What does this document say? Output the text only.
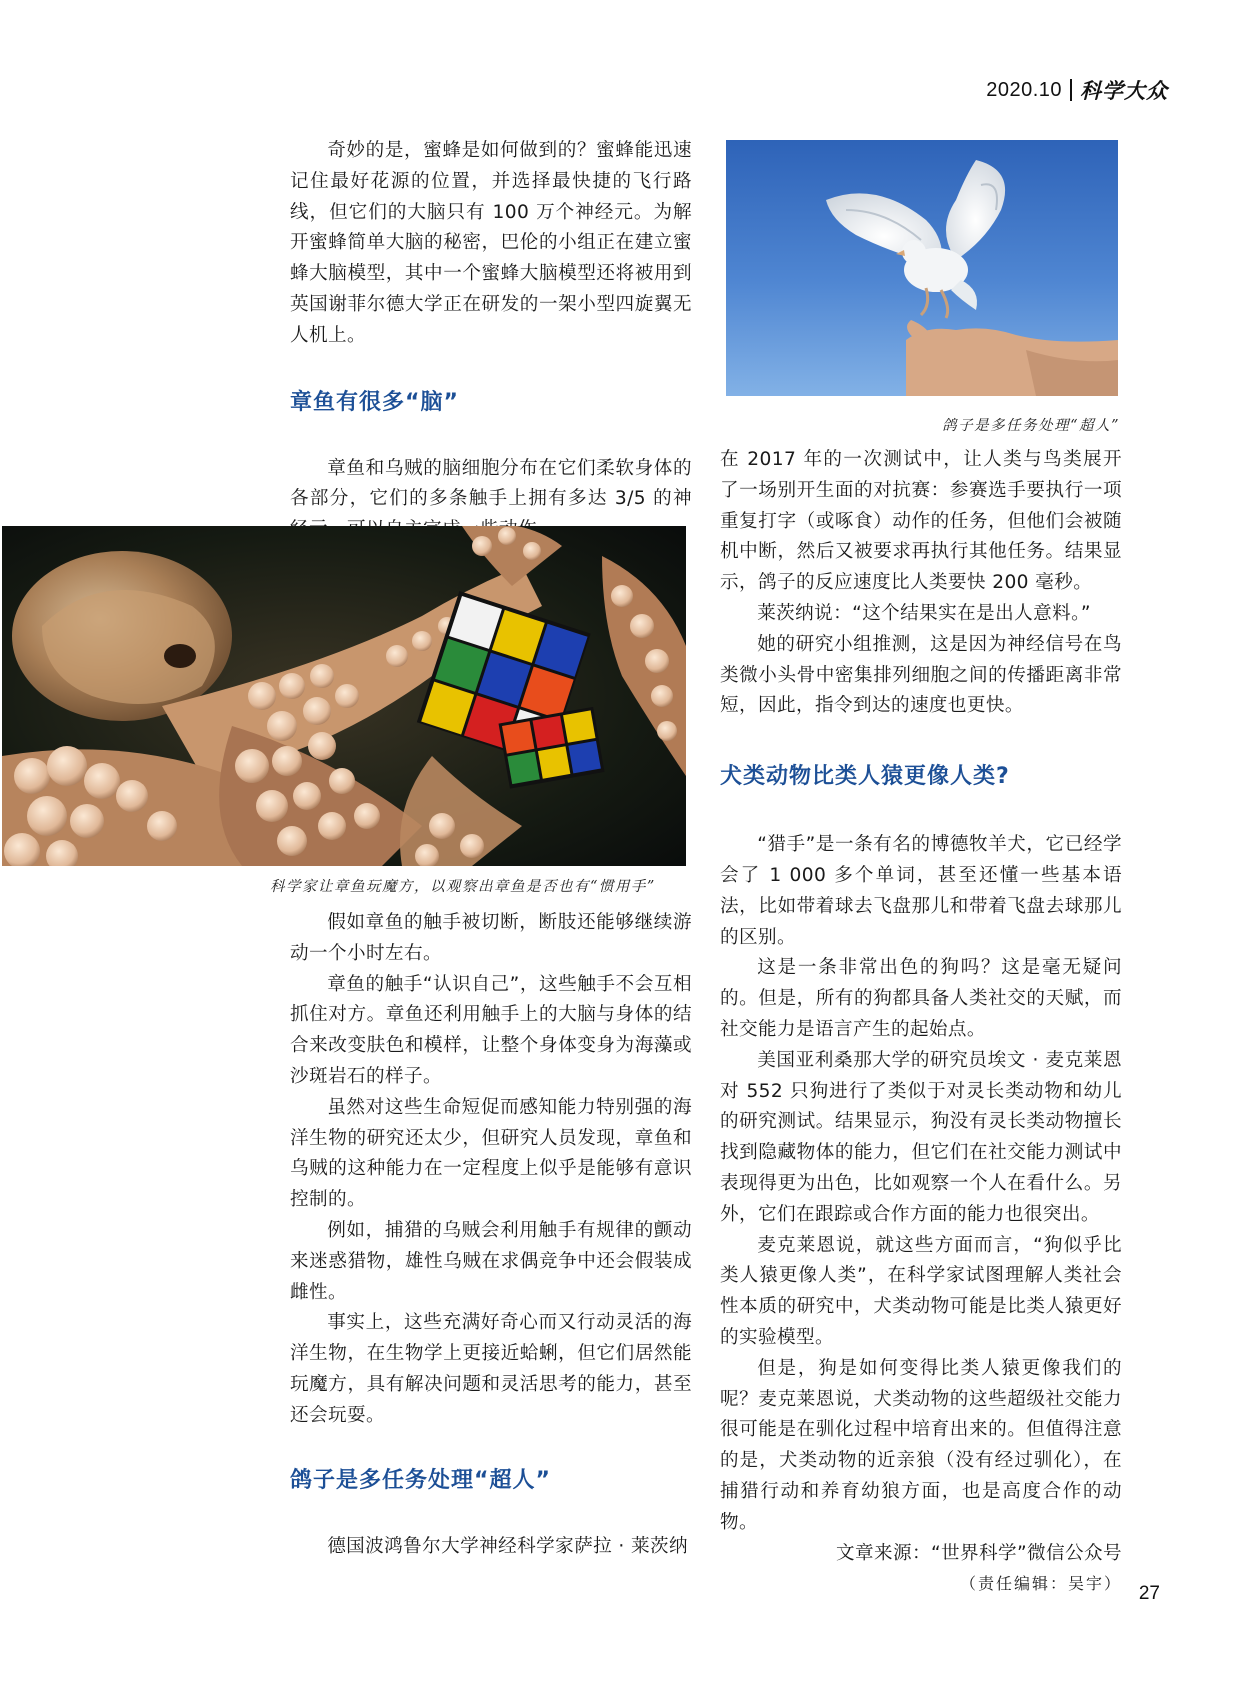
2020.10 科学大众

奇妙的是，蜜蜂是如何做到的？蜜蜂能迅速记住最好花源的位置，并选择最快捷的飞行路线，但它们的大脑只有 100 万个神经元。为解开蜜蜂简单大脑的秘密，巴伦的小组正在建立蜜蜂大脑模型，其中一个蜜蜂大脑模型还将被用到英国谢菲尔德大学正在研发的一架小型四旋翼无人机上。

章鱼有很多“脑”

章鱼和乌贼的脑细胞分布在它们柔软身体的各部分，它们的多条触手上拥有多达 3/5 的神

科学家让章鱼玩魔方，以观察出章鱼是否也有“惯用手”

假如章鱼的触手被切断，断肢还能够继续游动一个小时左右。

章鱼的触手“认识自己”，这些触手不会互相抓住对方。章鱼还利用触手上的大脑与身体的结合来改变肤色和模样，让整个身体变身为海藻或沙斑岩石的样子。

虽然对这些生命短促而感知能力特别强的海洋生物的研究还太少，但研究人员发现，章鱼和乌贼的这种能力在一定程度上似乎是能够有意识控制的。

例如，捕猎的乌贼会利用触手有规律的颤动来迷惑猎物，雄性乌贼在求偶竞争中还会假装成雌性。

事实上，这些充满好奇心而又行动灵活的海洋生物，在生物学上更接近蛤蜊，但它们居然能玩魔方，具有解决问题和灵活思考的能力，甚至还会玩耍。

鸽子是多任务处理“超人”

德国波鸿鲁尔大学神经科学家萨拉 · 莱茨纳

鸽子是多任务处理“超人”

在 2017 年的一次测试中，让人类与鸟类展开了一场别开生面的对抗赛：参赛选手要执行一项重复打字（或啄食）动作的任务，但他们会被随机中断，然后又被要求再执行其他任务。结果显示，鸽子的反应速度比人类要快 200 毫秒。

莱茨纳说：“这个结果实在是出人意料。”

她的研究小组推测，这是因为神经信号在鸟类微小头骨中密集排列细胞之间的传播距离非常短，因此，指令到达的速度也更快。

犬类动物比类人猿更像人类?

“猎手”是一条有名的博德牧羊犬，它已经学会了 1 000 多个单词，甚至还懂一些基本语法，比如带着球去飞盘那儿和带着飞盘去球那儿的区别。

这是一条非常出色的狗吗？这是毫无疑问的。但是，所有的狗都具备人类社交的天赋，而社交能力是语言产生的起始点。

美国亚利桑那大学的研究员埃文 · 麦克莱恩对 552 只狗进行了类似于对灵长类动物和幼儿的研究测试。结果显示，狗没有灵长类动物擅长找到隐藏物体的能力，但它们在社交能力测试中表现得更为出色，比如观察一个人在看什么。另外，它们在跟踪或合作方面的能力也很突出。

麦克莱恩说，就这些方面而言，“狗似乎比类人猿更像人类”，在科学家试图理解人类社会性本质的研究中，犬类动物可能是比类人猿更好的实验模型。

但是，狗是如何变得比类人猿更像我们的呢？麦克莱恩说，犬类动物的这些超级社交能力很可能是在驯化过程中培育出来的。但值得注意的是，犬类动物的近亲狼（没有经过驯化），在捕猎行动和养育幼狼方面，也是高度合作的动物。

文章来源：“世界科学”微信公众号

（责任编辑：吴宇） 27
